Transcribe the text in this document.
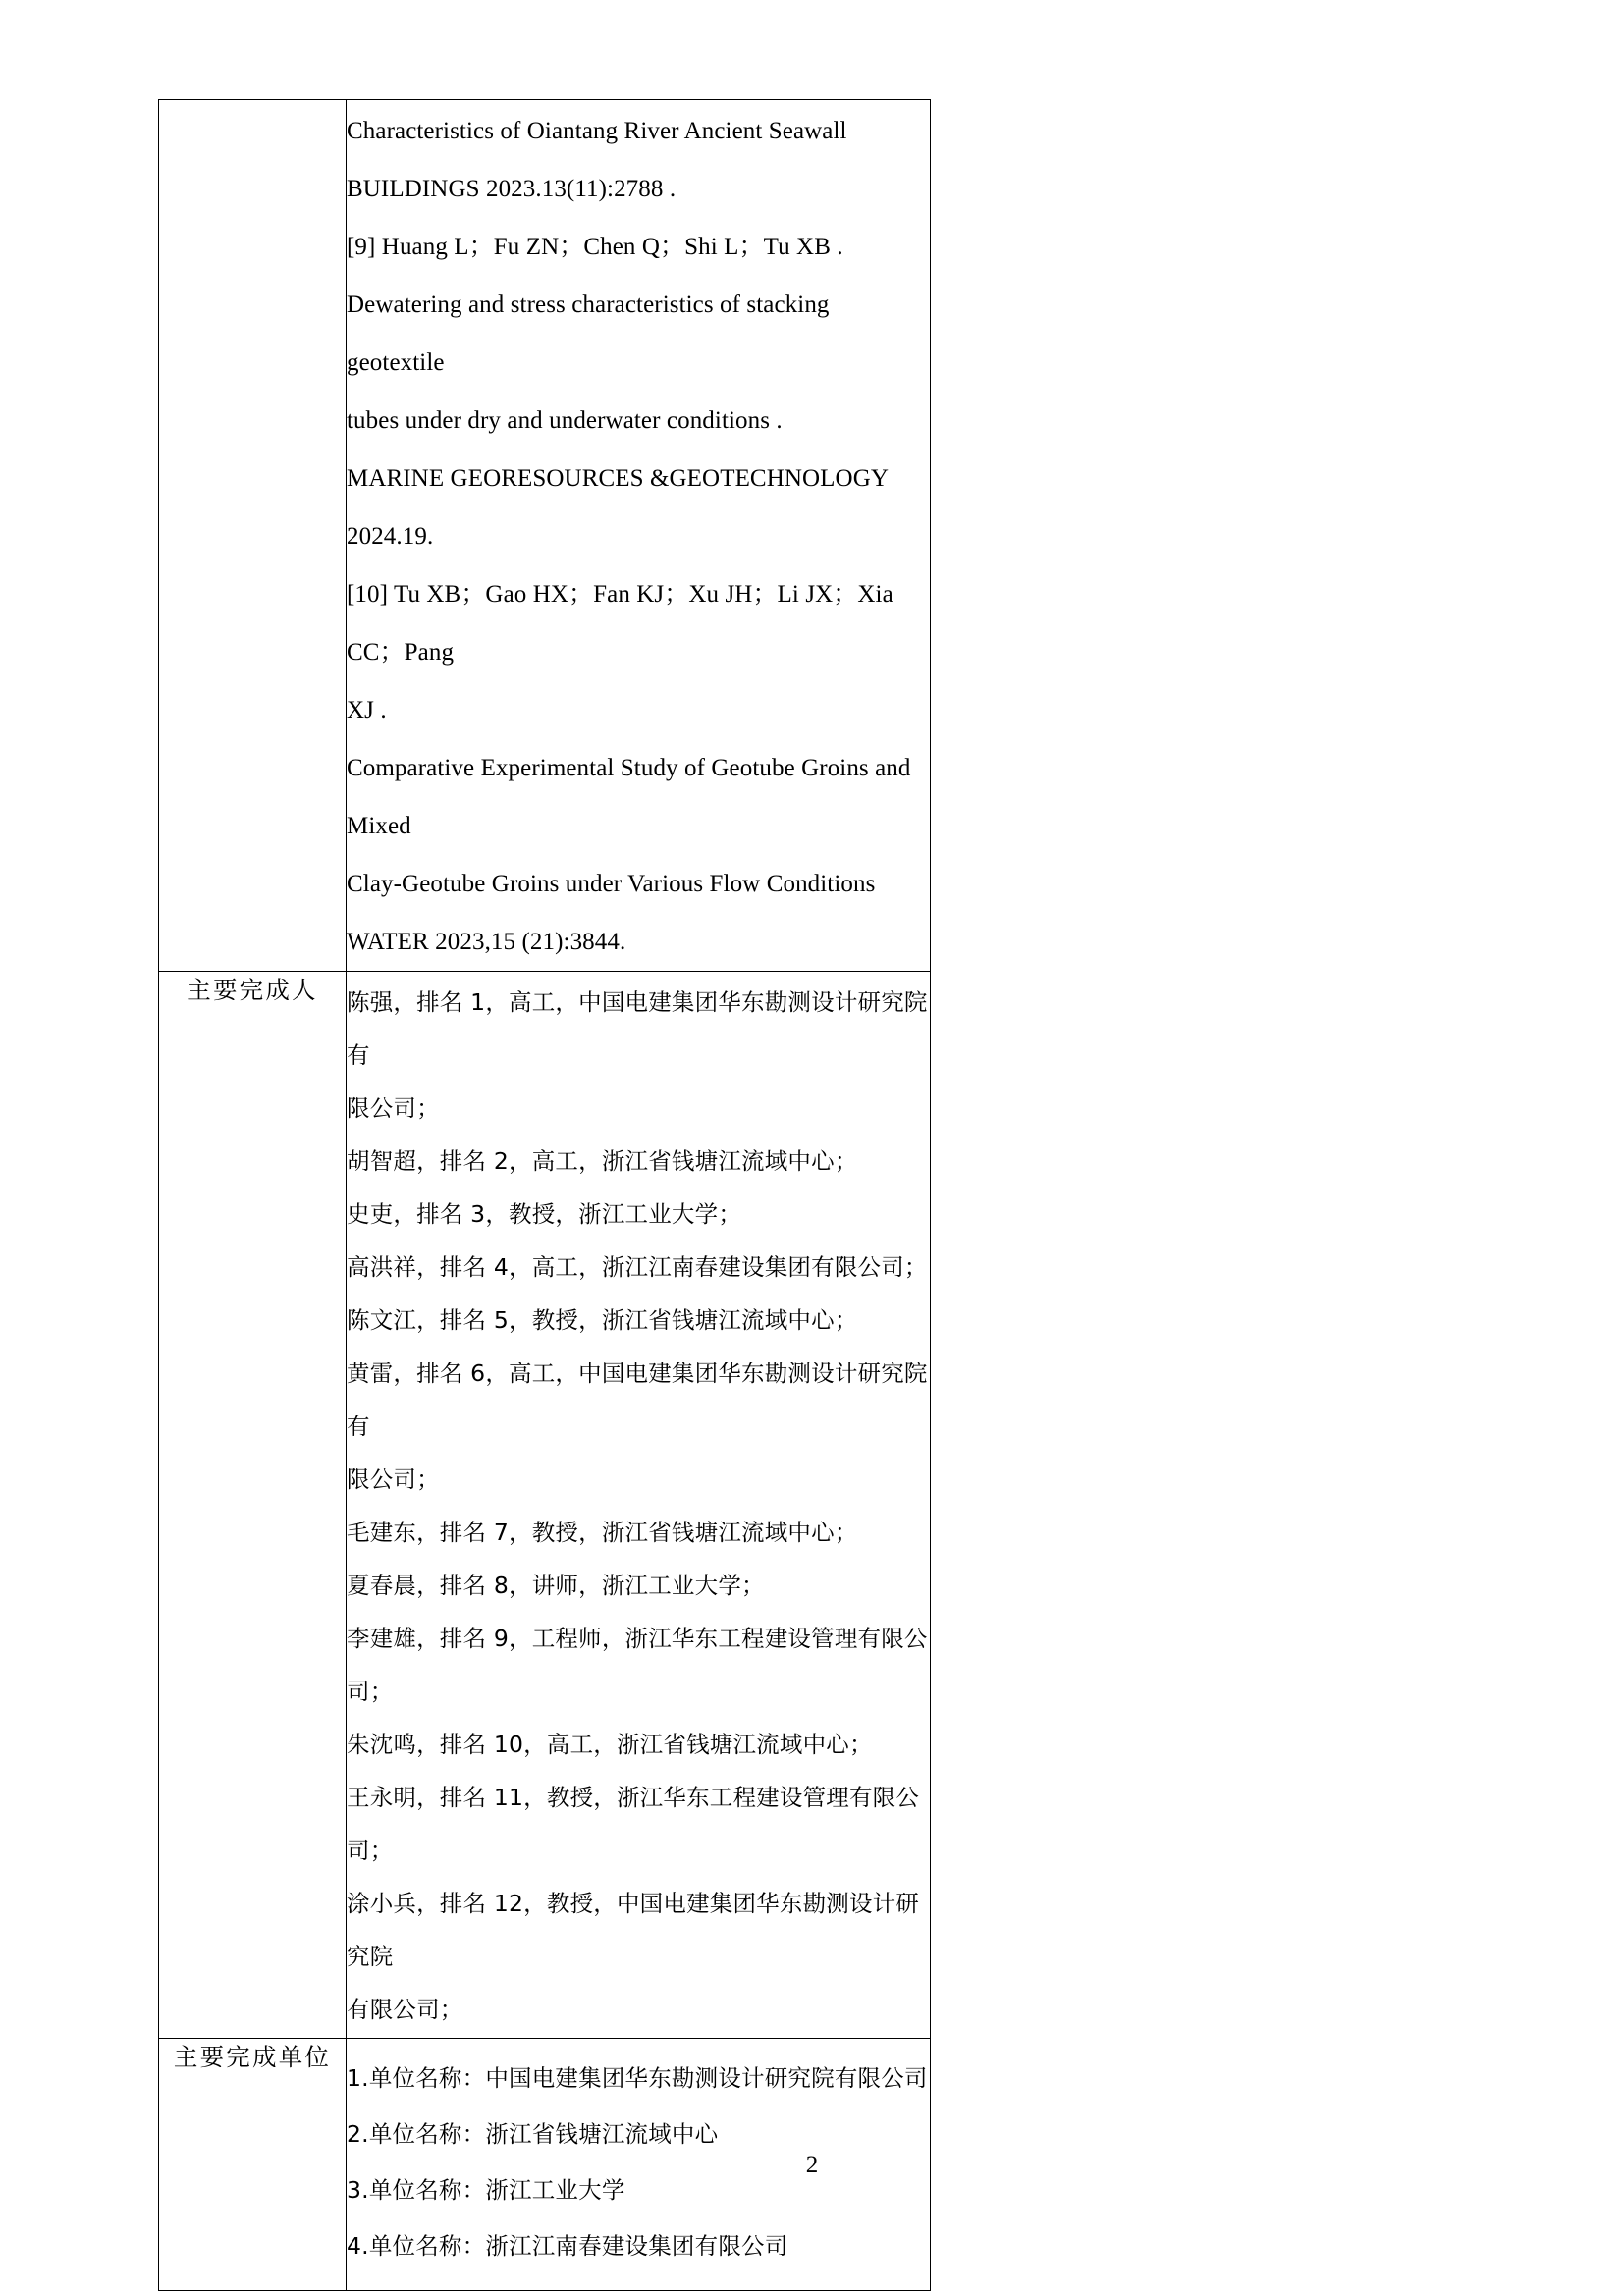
Characteristics of Oiantang River Ancient Seawall
BUILDINGS 2023.13(11):2788 .
[9] Huang L；Fu ZN；Chen Q；Shi L；Tu XB .
Dewatering and stress characteristics of stacking geotextile
tubes under dry and underwater conditions .
MARINE GEORESOURCES &GEOTECHNOLOGY
2024.19.
[10] Tu XB；Gao HX；Fan KJ；Xu JH；Li JX；Xia CC；Pang
XJ .
Comparative Experimental Study of Geotube Groins and Mixed
Clay-Geotube Groins under Various Flow Conditions
WATER 2023,15 (21):3844.

主要完成人	陈强，排名 1，高工，中国电建集团华东勘测设计研究院有
限公司；
胡智超，排名 2，高工，浙江省钱塘江流域中心；
史吏，排名 3，教授，浙江工业大学；
高洪祥，排名 4，高工，浙江江南春建设集团有限公司；
陈文江，排名 5，教授，浙江省钱塘江流域中心；
黄雷，排名 6，高工，中国电建集团华东勘测设计研究院有
限公司；
毛建东，排名 7，教授，浙江省钱塘江流域中心；
夏春晨，排名 8，讲师，浙江工业大学；
李建雄，排名 9，工程师，浙江华东工程建设管理有限公司；
朱沈鸣，排名 10，高工，浙江省钱塘江流域中心；
王永明，排名 11，教授，浙江华东工程建设管理有限公司；
涂小兵，排名 12，教授，中国电建集团华东勘测设计研究院
有限公司；

主要完成单位	1.单位名称：中国电建集团华东勘测设计研究院有限公司
2.单位名称：浙江省钱塘江流域中心
3.单位名称：浙江工业大学
4.单位名称：浙江江南春建设集团有限公司
2
